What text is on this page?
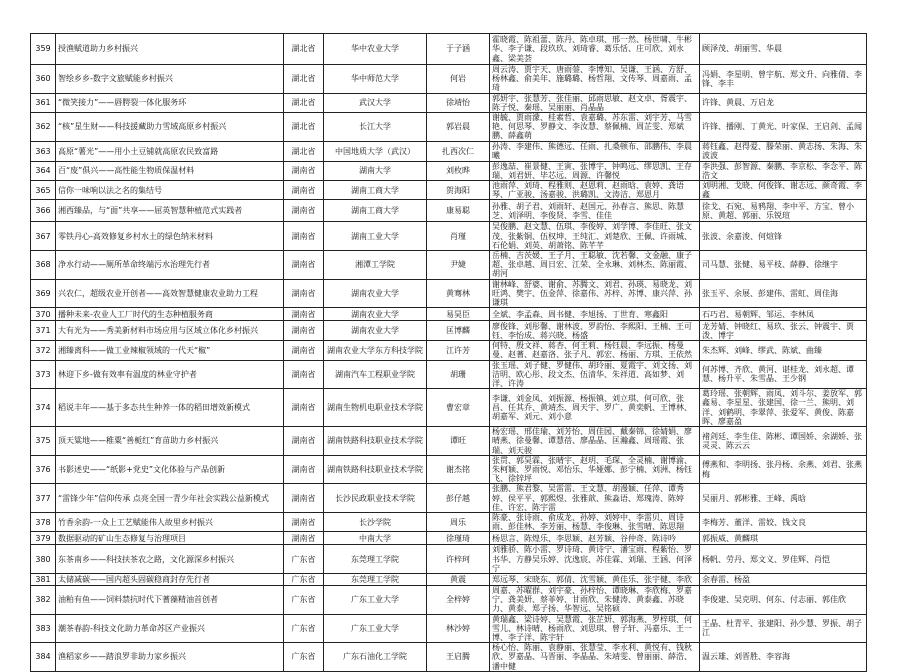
359	授渔赋道助力乡村振兴	湖北省	华中农业大学	于子涵	霍晓霞、陈祖蕾、陈丹、陈卓琪、邢一然、杨世啸、牛彬华、李子谦、段玖玖、刘琦睿、葛乐恬、庄可欣、刘永鑫、梁美荟	顾泽茂、胡丽雪、华晨
360	智绘乡乡-数字文旅赋能乡村振兴	湖北省	华中师范大学	何岩	周云涛、贾宇天、唐雨蓥、李博知、吴谦、王涵、方舒、杨林鑫、俞美年、施璐璐、杨哲翔、文传琴、周嘉雨、孟琦	冯娟、李星明、曾宇航、郑文升、向雅倩、李锋、李丰
361	“微笑接力”——唇腭裂一体化服务环	湖北省	武汉大学	徐靖怡	郭妍宇、张慧芳、张佳丽、邱雨思敏、赵文卓、胥震宇、陈子悦、秦瑶、吴丽丽、肖晶晶	许锋、黄晨、万启龙
362	“核”星生财——科技援藏助力雪域高原乡村振兴	湖北省	长江大学	郭岩晨	谢毓、贾雨濛、桂素哲、袁嘉璐、苏东雷、刘宇芳、马雪艳、何思琴、罗静文、李汝慧、蔡佩楠、周芷雯、郑斌鹏、薛鑫萌	许锋、播刚、丁黄光、叶家保、王启剑、孟闻
363	高原“薯光”——用小土豆铺就高原农民致富路	湖北省	中国地质大学（武汉）	扎西次仁	孙涛、李建伟、熊德远、任雨、扎桑顿布、邵鹏伟、李晨曦	蒋钰鑫、赵得爱、滕荣丽、黄志扬、朱海、朱波波
364	百“废”俱兴——高性能生物质保温材料	湖南省	湖南大学	刘枚晔	彭逸喆、崔景健、王寅、张博宇、钟鸣远、缪思凯、王存瑞、刘君妍、毕芯远、周源、许馨悦	李洪强、彭智源、秦鹏、李京松、李念平、陈浩文
365	信你一味响以法之名的集结号	湖南省	湖南工商大学	贺海阳	池雨萍、刘琦、程雅则、赵恩莉、赵雨晗、袁婷、龚语琴、广亚骏、汤嘉骏、洪璐凯、文涛洁、郑恩月	刘明湘、戈晓、何俊锋、谢志远、颜奇霞、李鑫
366	湘西臻品，与“面”共享——屈英智慧种植范式实践者	湖南省	湖南工商大学	康易聪	孙雅、胡子君、刘雨轩、赵国元、孙春言、熊思、陈慧芝、刘泽明、李俊贤、李雪、佳佳	徐戈、石宛、易鸦翔、李中平、方宝、曾小原、黄超、郭丽、乐锐瑄
367	零铁丹心-高效修复乡村水土的绿色纳米材料	湖南省	湖南工业大学	肖瑾	吴俊鹏、赵文慧、伍琪、李俊婷、刘学博、李佳旺、张文茂、张紫铜、伍权坤、王纯汇、刘楚欣、王佩、许雨城、石伦娟、刘英、胡萧铭、陈芊芊	张波、余嘉浚、何煊锋
368	净水行动——厕所革命终端污水治理先行者	湖南省	湘潭工学院	尹婕	岳楠、吉茨媛、王子月、王聪敏、沈若馨、文金融、康子超、张卓越、周日宏、江荣、全永琳、刘林杰、陈丽霞、胡河	司马慧、张健、易平枝、薛静、徐继宇
369	兴农仁，超级农业开创者——高效智慧健康农业助力工程	湖南省	湖南农业大学	黄骞林	谢林峰、舒婆、谢俞、苏腾文、刘君、孙瑛、易晓龙、刘旺鸿、樊宇、伍金萍、徐嘉伟、苏梓、苏博、康兴萍、孙谦琪	张玉平、余展、彭建伟、雷虹、周佳海
370	播种未来-农业人工厂时代的生态种植服务商	湖南省	湖南农业大学	易昊臣	全斌、李孟森、周书健、李旭扬、丁世育、寒鑫阳	石巧君、易朝辉、邹运、李林凤
371	大有光为——秀美新材料市场应用与区域立体化乡村振兴	湖南省	湖南农业大学	匡博麟	廖俊锋、刘彤馨、谢林波、罗韵怡、李熙阳、王楠、王可钰、李怡成、蒋兴晓、杨盛	龙芳婧、钟晓红、易玖、张云、钟震宇、贾泼、博宇
372	湘臻离科——做工业辣椒领域的一代天“椒”	湖南省	湖南农业大学东方科技学院	江许芳	何特、殷文祥、蒋杏、何王莉、杨钰晨、李远振、杨曼曼、赵蓍、赵嘉洛、张子凡、郭宏、杨丽、方琪、王依然	朱杰辉、刘峰、缪武、陈斌、曲臻
373	林迎下乡-做有效率有温度的林业守护者	湖南省	湖南汽车工程职业学院	胡珊	张玉瑶、刘子健、罗健伟、胡玲丽、夏霞宇、刘文扬、刘洁明、欧心彤、段文杰、伍清华、朱祥道、高如梦、刘洋、许涛	何苏博、齐欣、黄河、谌桂龙、刘永超、谭慧、杨升平、朱雪晶、王少钢
374	稻说丰年——基于多态共生种养一体的稻田增效新模式	湖南省	湖南生物机电职业技术学院	曹宏章	李谦、刘金凤、刘振源、杨振镇、刘立琪、何可欣、张昌、任其乔、黄靖杰、周天宇、罗广、黄奕帆、王博林、胡嘉军、刘元、刘小意	葛玲瑶、张朝辉、雨凤、刘斗尔、姜放军、郭鑫易、李星星、张建国、徐一兰、熊明、刘洋、刘鹤明、李翠萍、张爱军、黄俊、陈嘉晖、廖嘉盈
375	顶天粱地——稚粟“善栀红”育苗助力乡村振兴	湖南省	湖南铁路科技职业技术学院	谭旺	杨宏瑶、邢佳瑜、刘芳怡、周佳园、戴秦锦、徐婧娟、廖晴燕、徐曼馨、谭慧蓓、廖晶晶、匡瀚鑫、周瑶霞、张瑞、刘天骏	褚剑廷、李生佳、陈彬、谭国娇、余湖娇、张灵灵、陈云云
376	书影述史——“纸影+党史”文化体验与产品创新	湖南省	湖南铁路科技职业技术学院	谢杰铭	张贯、郭昊霖、张晴宇、赵玥、毛琛、全灵楠、谢博渝、朱柯颖、罗雨悦、邓怡乐、华娅娜、彭宁楠、刘洲、杨钰飞、徐锌坪	傅燕和、李明扬、张丹杨、余燕、刘君、张燕梅
377	“雷锋少年”信仰传承 点亮全国一青少年社会实践公益新模式	湖南省	长沙民政职业技术学院	彭仔越	张鹏、熊君黎、吴雷雷、王文慧、胡漫颖、任萍、谭秀婷、侯平平、郭熙煜、张雅歆、熊淼语、郑瑰涛、陈婷佳、许宏、陈宇雷	吴丽月、郭彬雅、王峰、禹晗
378	竹香余韵-一众上工艺赋能伟人故里乡村振兴	湖南省	长沙学院	周乐	陈豪、张诗雨、俞成龙、孙婷、刘婷中、李雷贝、周诗雨、彭佳林、李芳丽、杨慧、李俊琳、张雪晴、陈思翔	李梅芳、董洋、雷姣、钱文良
379	数据驱动的矿山生态修复与治理项目	湖南省	中南大学	徐瑾琦	杨思言、陈煌乐、李思颖、赵芳颖、谷仲奇、陈诗吟	郭振威、黄麟琪
380	东茶南乡——科技扶茶农之路，文化源深乡村振兴	广东省	东莞理工学院	许梓珂	刘雅骄、陈小雷、罗诗琦、黄诗宁、潘宝雨、程紫怡、罗书华、方静吴乐婷、沈逸宸、苏佳霖、刘瑞、王涵、何泽宁	杨帆、劳丹、郑文义、罗佳辉、肖恺
381	太储减碳——国内超头固碳稳商封存先行者	广东省	东莞理工学院	黄震	郑远琴、宋晓东、郭倩、沈雪颖、黄佳乐、张宇健、李欣	余春雷、杨盈
382	油粕有鱼——饲料禁抗时代下蓍藻精油首创者	广东省	广东工业大学	全梓婷	周嘉、苏曜群、刘宇豪、孙梓怡、谭晓琳、李欣梅、罗嘉宁、龚美妍、蔡菲婷、甘雨欣、朱健涛、黄泰鑫、苏晓力、黄泰、郑子扬、华智远、吴铭硕	李俊建、吴克明、何东、付志丽、郭佳欣
383	潮茶春韵-科技文化助力革命苏区产业振兴	广东省	广东工业大学	林沙婷	黄瑞鑫、梁诗婷、吴慧霞、张芷妍、郭海燕、罗梓琪、何雪儿、林诗晴、杨雨欣、刘思琪、曾子轩、冯嘉乐、王一博、李子洋、陈宇轩	王晶、杜青平、张建阳、孙少慧、罗振、胡子江
384	渔稻家乡——踏浪罗非助力家乡振兴	广东省	广东石油化工学院	王启腾	杨心怡、陈丽、袁静丽、张慧莹、李永利、黄悦有、钱秋欣、罗嘉晶、马晋丽、李晶晶、朱靖雯、曾丽丽、薛浩、潘中健	温云雄、刘晋胜、李容海
